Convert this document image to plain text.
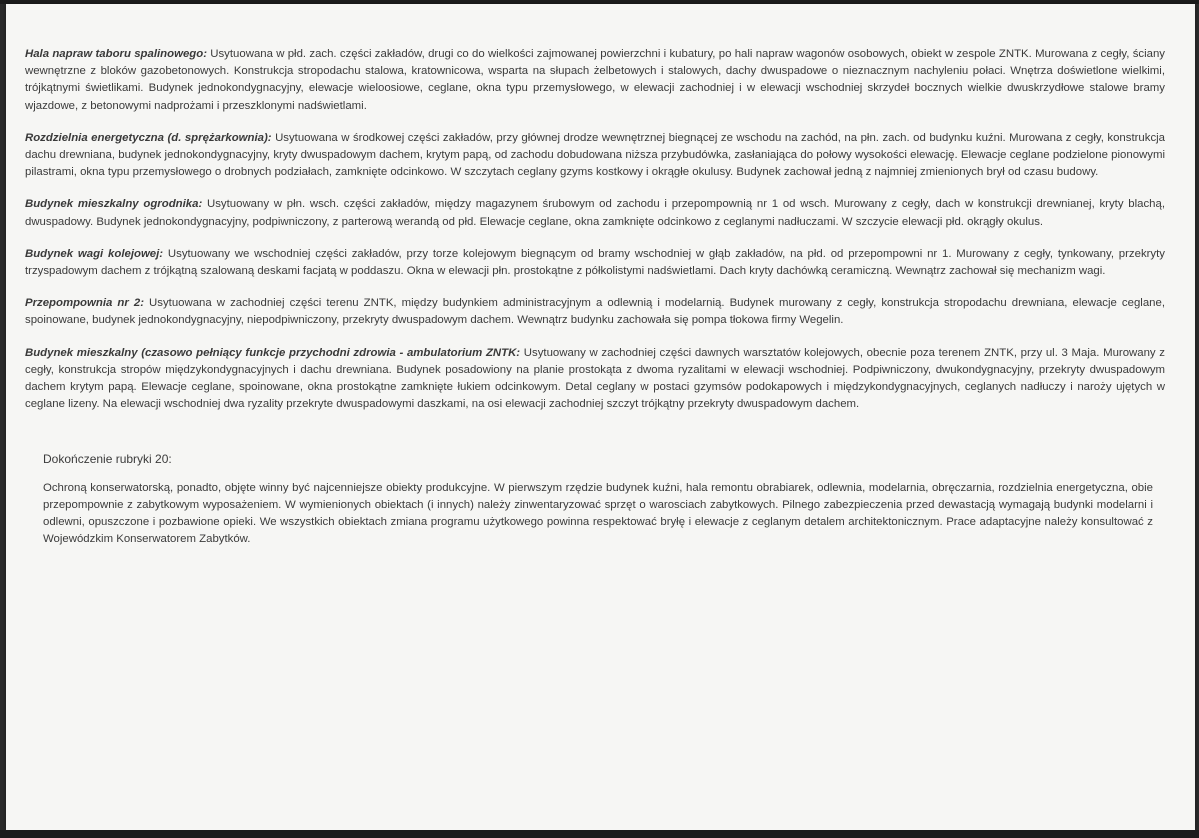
Hala napraw taboru spalinowego: Usytuowana w płd. zach. części zakładów, drugi co do wielkości zajmowanej powierzchni i kubatury, po hali napraw wagonów osobowych, obiekt w zespole ZNTK. Murowana z cegły, ściany wewnętrzne z bloków gazobetonowych. Konstrukcja stropodachu stalowa, kratownicowa, wsparta na słupach żelbetowych i stalowych, dachy dwuspadowe o nieznacznym nachyleniu połaci. Wnętrza doświetlone wielkimi, trójkątnymi świetlikami. Budynek jednokondygnacyjny, elewacje wieloosiowe, ceglane, okna typu przemysłowego, w elewacji zachodniej i w elewacji wschodniej skrzydeł bocznych wielkie dwuskrzydłowe stalowe bramy wjazdowe, z betonowymi nadprożami i przeszklonymi nadświetlami.

Rozdzielnia energetyczna (d. sprężarkownia): Usytuowana w środkowej części zakładów, przy głównej drodze wewnętrznej biegnącej ze wschodu na zachód, na płn. zach. od budynku kuźni. Murowana z cegły, konstrukcja dachu drewniana, budynek jednokondygnacyjny, kryty dwuspadowym dachem, krytym papą, od zachodu dobudowana niższa przybudówka, zasłaniająca do połowy wysokości elewację. Elewacje ceglane podzielone pionowymi pilastrami, okna typu przemysłowego o drobnych podziałach, zamknięte odcinkowo. W szczytach ceglany gzyms kostkowy i okrągłe okulusy. Budynek zachował jedną z najmniej zmienionych brył od czasu budowy.

Budynek mieszkalny ogrodnika: Usytuowany w płn. wsch. części zakładów, między magazynem śrubowym od zachodu i przepompownią nr 1 od wsch. Murowany z cegły, dach w konstrukcji drewnianej, kryty blachą, dwuspadowy. Budynek jednokondygnacyjny, podpiwniczony, z parterową werandą od płd. Elewacje ceglane, okna zamknięte odcinkowo z ceglanymi nadłuczami. W szczycie elewacji płd. okrągły okulus.

Budynek wagi kolejowej: Usytuowany we wschodniej części zakładów, przy torze kolejowym biegnącym od bramy wschodniej w głąb zakładów, na płd. od przepompowni nr 1. Murowany z cegły, tynkowany, przekryty trzyspadowym dachem z trójkątną szalowaną deskami facjatą w poddaszu. Okna w elewacji płn. prostokątne z półkolistymi nadświetlami. Dach kryty dachówką ceramiczną. Wewnątrz zachował się mechanizm wagi.

Przepompownia nr 2: Usytuowana w zachodniej części terenu ZNTK, między budynkiem administracyjnym a odlewnią i modelarnią. Budynek murowany z cegły, konstrukcja stropodachu drewniana, elewacje ceglane, spoinowane, budynek jednokondygnacyjny, niepodpiwniczony, przekryty dwuspadowym dachem. Wewnątrz budynku zachowała się pompa tłokowa firmy Wegelin.

Budynek mieszkalny (czasowo pełniący funkcje przychodni zdrowia - ambulatorium ZNTK: Usytuowany w zachodniej części dawnych warsztatów kolejowych, obecnie poza terenem ZNTK, przy ul. 3 Maja. Murowany z cegły, konstrukcja stropów międzykondygnacyjnych i dachu drewniana. Budynek posadowiony na planie prostokąta z dwoma ryzalitami w elewacji wschodniej. Podpiwniczony, dwukondygnacyjny, przekryty dwuspadowym dachem krytym papą. Elewacje ceglane, spoinowane, okna prostokątne zamknięte łukiem odcinkowym. Detal ceglany w postaci gzymsów podokapowych i międzykondygnacyjnych, ceglanych nadłuczy i naroży ujętych w ceglane lizeny. Na elewacji wschodniej dwa ryzality przekryte dwuspadowymi daszkami, na osi elewacji zachodniej szczyt trójkątny przekryty dwuspadowym dachem.

Dokończenie rubryki 20:

Ochroną konserwatorską, ponadto, objęte winny być najcenniejsze obiekty produkcyjne. W pierwszym rzędzie budynek kuźni, hala remontu obrabiarek, odlewnia, modelarnia, obręczarnia, rozdzielnia energetyczna, obie przepompownie z zabytkowym wyposażeniem. W wymienionych obiektach (i innych) należy zinwentaryzować sprzęt o warosciach zabytkowych. Pilnego zabezpieczenia przed dewastacją wymagają budynki modelarni i odlewni, opuszczone i pozbawione opieki. We wszystkich obiektach zmiana programu użytkowego powinna respektować bryłę i elewacje z ceglanym detalem architektonicznym. Prace adaptacyjne należy konsultować z Wojewódzkim Konserwatorem Zabytków.
